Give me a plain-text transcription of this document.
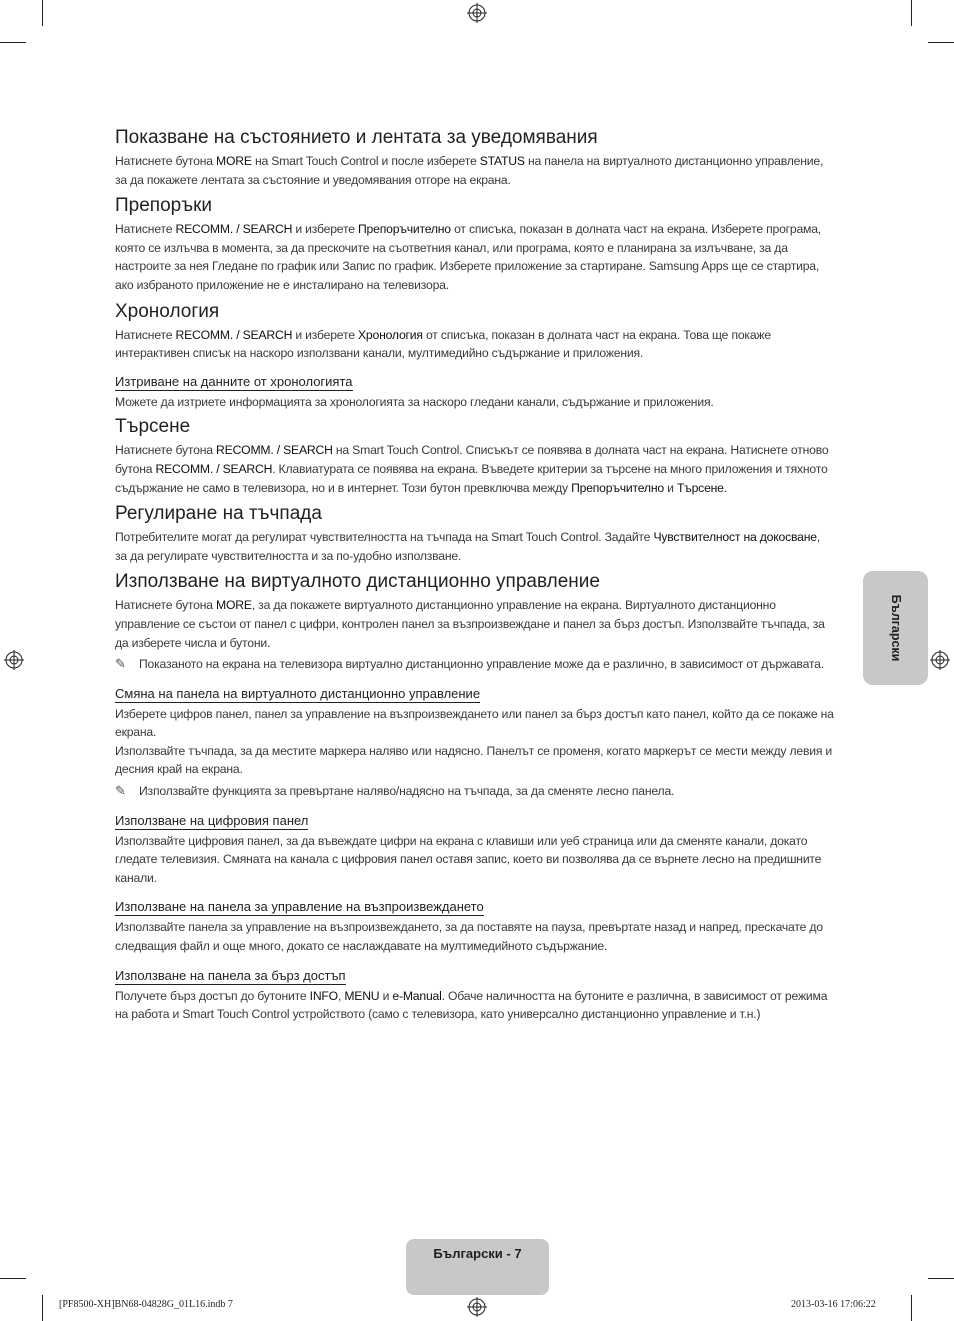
Показване на състоянието и лентата за уведомявания

Натиснете бутона MORE на Smart Touch Control и после изберете STATUS на панела на виртуалното дистанционно управление, за да покажете лентата за състояние и уведомявания отгоре на екрана.

Препоръки

Натиснете RECOMM. / SEARCH и изберете Препоръчително от списъка, показан в долната част на екрана. Изберете програма, която се излъчва в момента, за да прескочите на съответния канал, или програма, която е планирана за излъчване, за да настроите за нея Гледане по график или Запис по график. Изберете приложение за стартиране. Samsung Apps ще се стартира, ако избраното приложение не е инсталирано на телевизора.

Хронология

Натиснете RECOMM. / SEARCH и изберете Хронология от списъка, показан в долната част на екрана. Това ще покаже интерактивен списък на наскоро използвани канали, мултимедийно съдържание и приложения.

Изтриване на данните от хронологията

Можете да изтриете информацията за хронологията за наскоро гледани канали, съдържание и приложения.

Търсене

Натиснете бутона RECOMM. / SEARCH на Smart Touch Control. Списъкът се появява в долната част на екрана. Натиснете отново бутона RECOMM. / SEARCH. Клавиатурата се появява на екрана. Въведете критерии за търсене на много приложения и тяхното съдържание не само в телевизора, но и в интернет. Този бутон превключва между Препоръчително и Търсене.

Регулиране на тъчпада

Потребителите могат да регулират чувствителността на тъчпада на Smart Touch Control. Задайте Чувствителност на докосване, за да регулирате чувствителността и за по-удобно използване.

Използване на виртуалното дистанционно управление

Натиснете бутона MORE, за да покажете виртуалното дистанционно управление на екрана. Виртуалното дистанционно управление се състои от панел с цифри, контролен панел за възпроизвеждане и панел за бърз достъп. Използвайте тъчпада, за да изберете числа и бутони.

✎ Показаното на екрана на телевизора виртуално дистанционно управление може да е различно, в зависимост от държавата.

Смяна на панела на виртуалното дистанционно управление

Изберете цифров панел, панел за управление на възпроизвеждането или панел за бърз достъп като панел, който да се покаже на екрана.

Използвайте тъчпада, за да местите маркера наляво или надясно. Панелът се променя, когато маркерът се мести между левия и десния край на екрана.

✎ Използвайте функцията за превъртане наляво/надясно на тъчпада, за да сменяте лесно панела.

Използване на цифровия панел

Използвайте цифровия панел, за да въвеждате цифри на екрана с клавиши или уеб страница или да сменяте канали, докато гледате телевизия. Смяната на канала с цифровия панел оставя запис, което ви позволява да се върнете лесно на предишните канали.

Използване на панела за управление на възпроизвеждането

Използвайте панела за управление на възпроизвеждането, за да поставяте на пауза, превъртате назад и напред, прескачате до следващия файл и още много, докато се наслаждавате на мултимедийното съдържание.

Използване на панела за бърз достъп

Получете бърз достъп до бутоните INFO, MENU и e-Manual. Обаче наличността на бутоните е различна, в зависимост от режима на работа и Smart Touch Control устройството (само с телевизора, като универсално дистанционно управление и т.н.)

Български
Български - 7
[PF8500-XH]BN68-04828G_01L16.indb 7	2013-03-16 17:06:22
